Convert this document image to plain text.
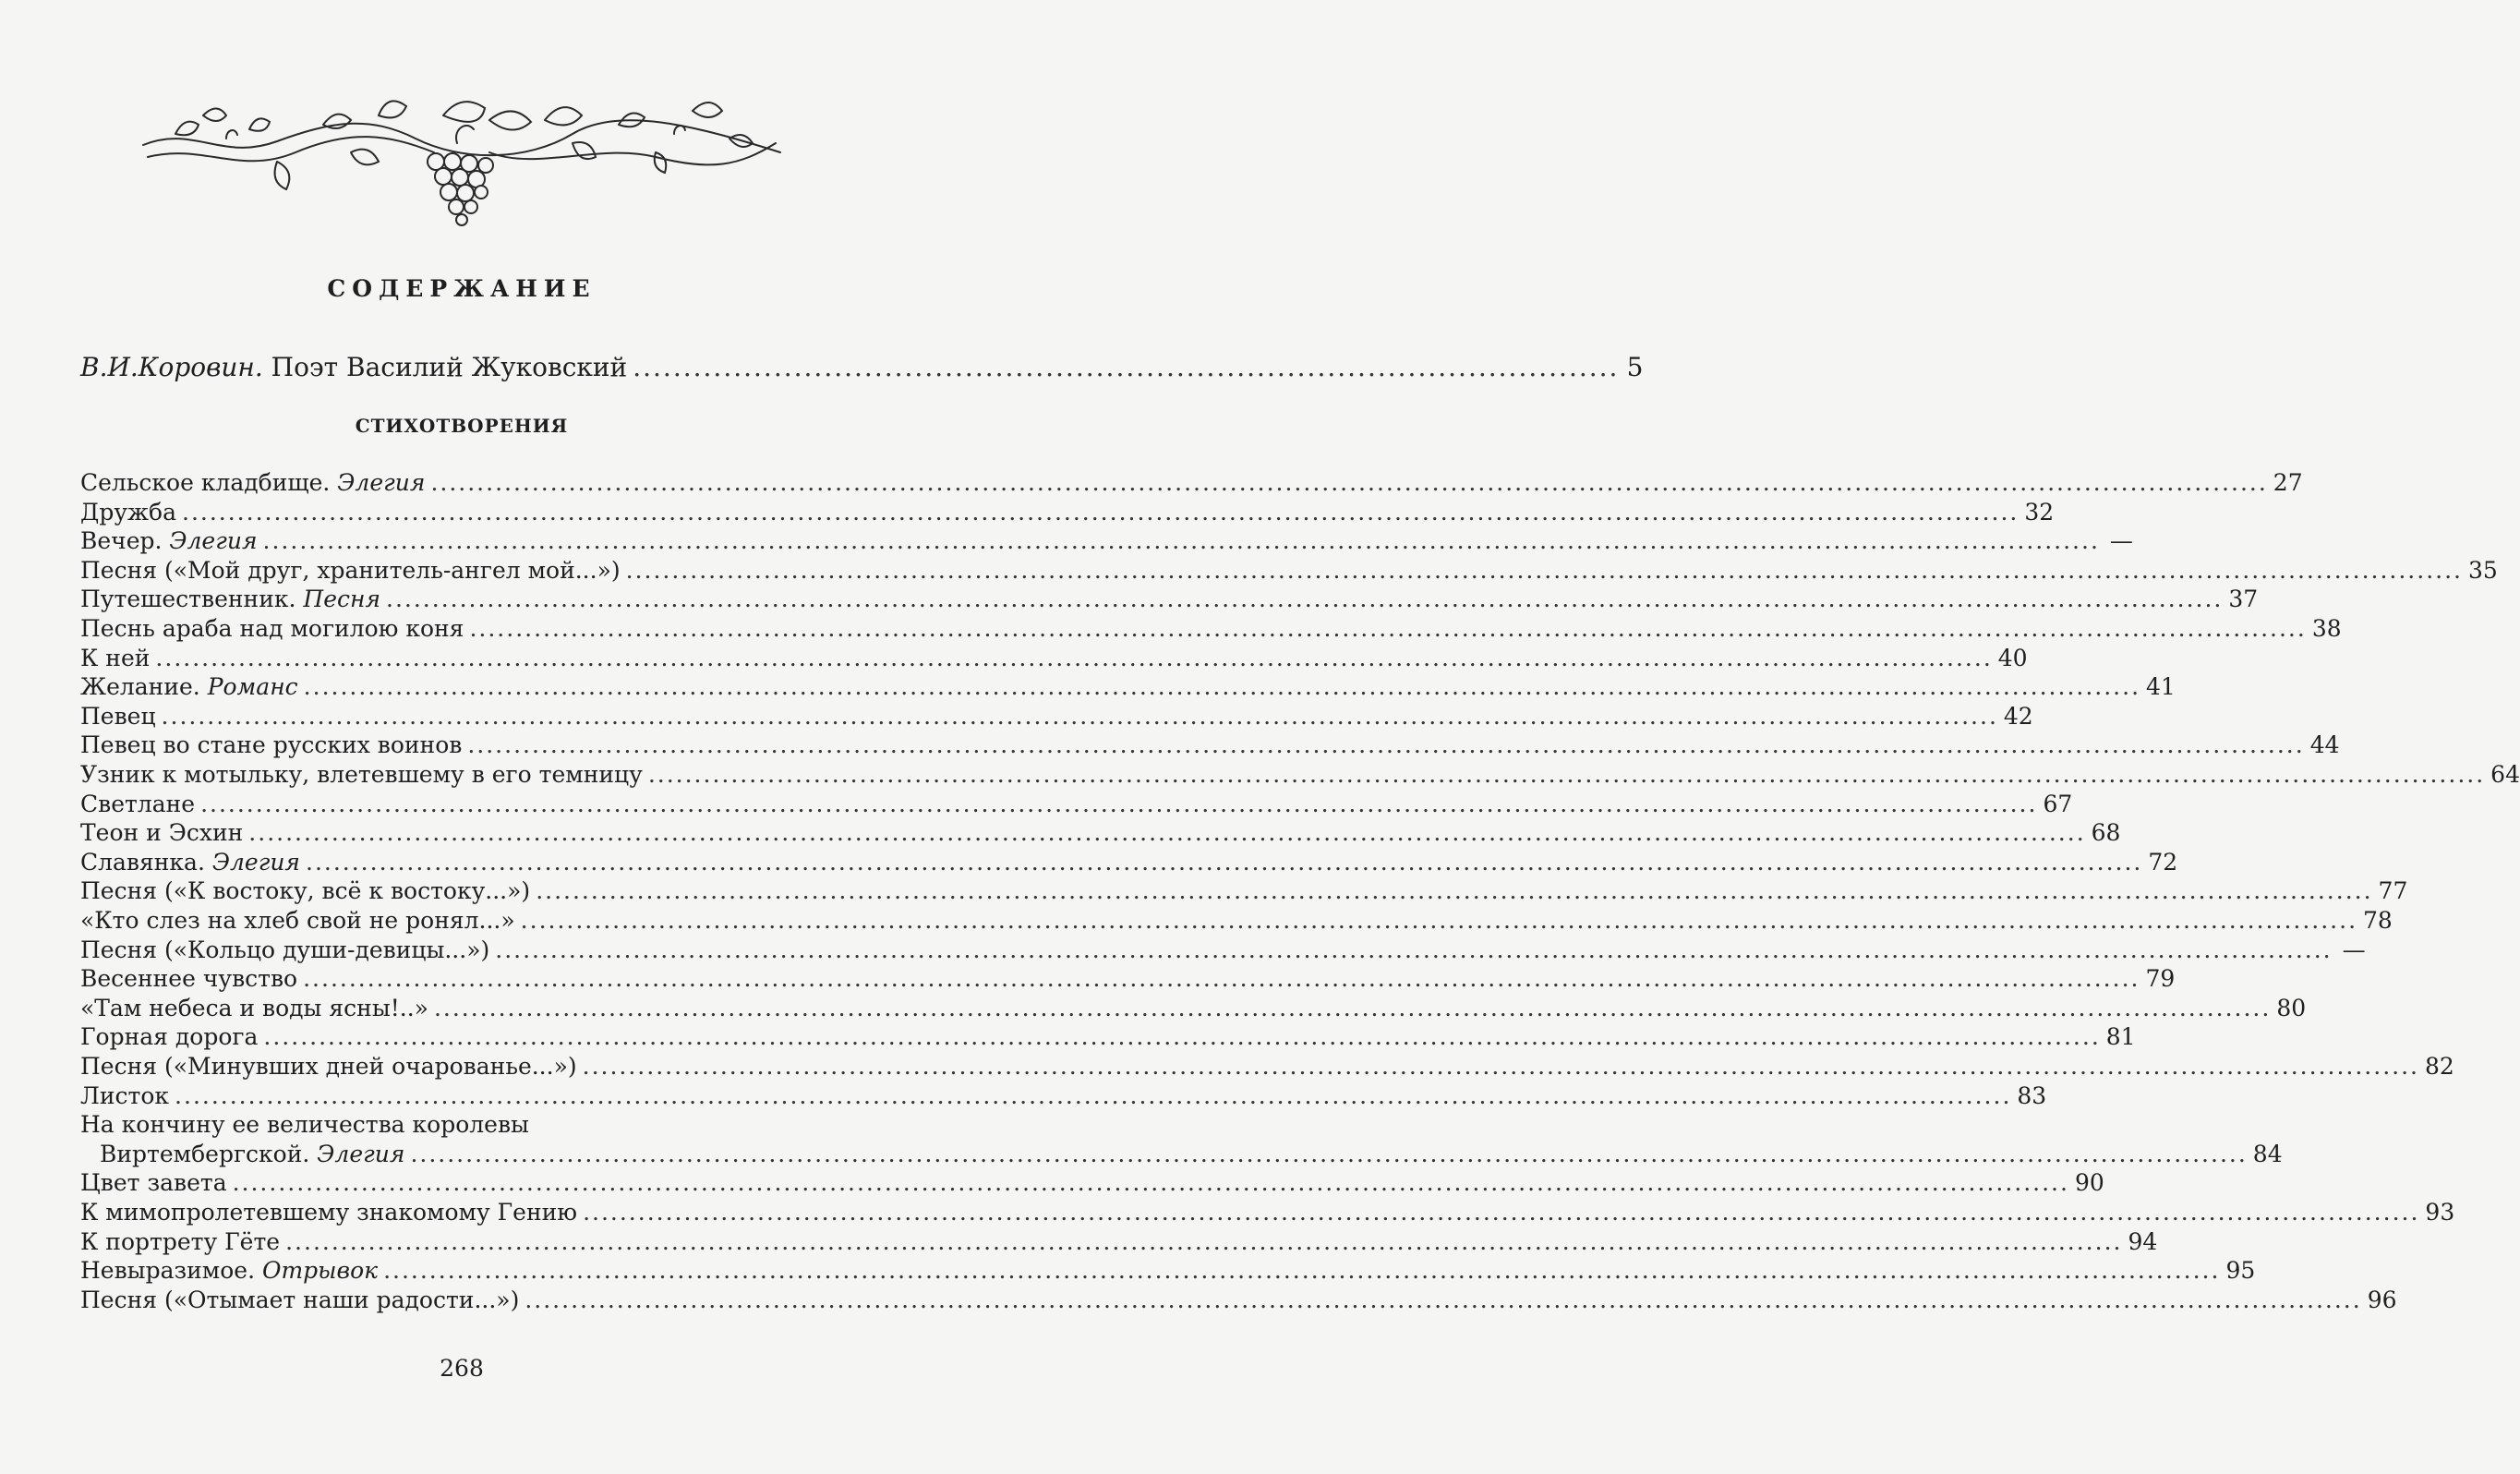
СОДЕРЖАНИЕ
В.И.Коровин. Поэт Василий Жуковский .................................................................................................. 5
СТИХОТВОРЕНИЯ
Сельское кладбище. Элегия ........................................................................................................................................................................................................ 27
Дружба ........................................................................................................................................................................................................ 32
Вечер. Элегия ........................................................................................................................................................................................................ —
Песня («Мой друг, хранитель-ангел мой...») ........................................................................................................................................................................................................ 35
Путешественник. Песня ........................................................................................................................................................................................................ 37
Песнь араба над могилою коня ........................................................................................................................................................................................................ 38
К ней ........................................................................................................................................................................................................ 40
Желание. Романс ........................................................................................................................................................................................................ 41
Певец ........................................................................................................................................................................................................ 42
Певец во стане русских воинов ........................................................................................................................................................................................................ 44
Узник к мотыльку, влетевшему в его темницу ........................................................................................................................................................................................................ 64
Светлане ........................................................................................................................................................................................................ 67
Теон и Эсхин ........................................................................................................................................................................................................ 68
Славянка. Элегия ........................................................................................................................................................................................................ 72
Песня («К востоку, всё к востоку...») ........................................................................................................................................................................................................ 77
«Кто слез на хлеб свой не ронял...» ........................................................................................................................................................................................................ 78
Песня («Кольцо души-девицы...») ........................................................................................................................................................................................................ —
Весеннее чувство ........................................................................................................................................................................................................ 79
«Там небеса и воды ясны!..» ........................................................................................................................................................................................................ 80
Горная дорога ........................................................................................................................................................................................................ 81
Песня («Минувших дней очарованье...») ........................................................................................................................................................................................................ 82
Листок ........................................................................................................................................................................................................ 83
На кончину ее величества королевы
Виртембергской. Элегия ........................................................................................................................................................................................................ 84
Цвет завета ........................................................................................................................................................................................................ 90
К мимопролетевшему знакомому Гению ........................................................................................................................................................................................................ 93
К портрету Гёте ........................................................................................................................................................................................................ 94
Невыразимое. Отрывок ........................................................................................................................................................................................................ 95
Песня («Отымает наши радости...») ........................................................................................................................................................................................................ 96
268
